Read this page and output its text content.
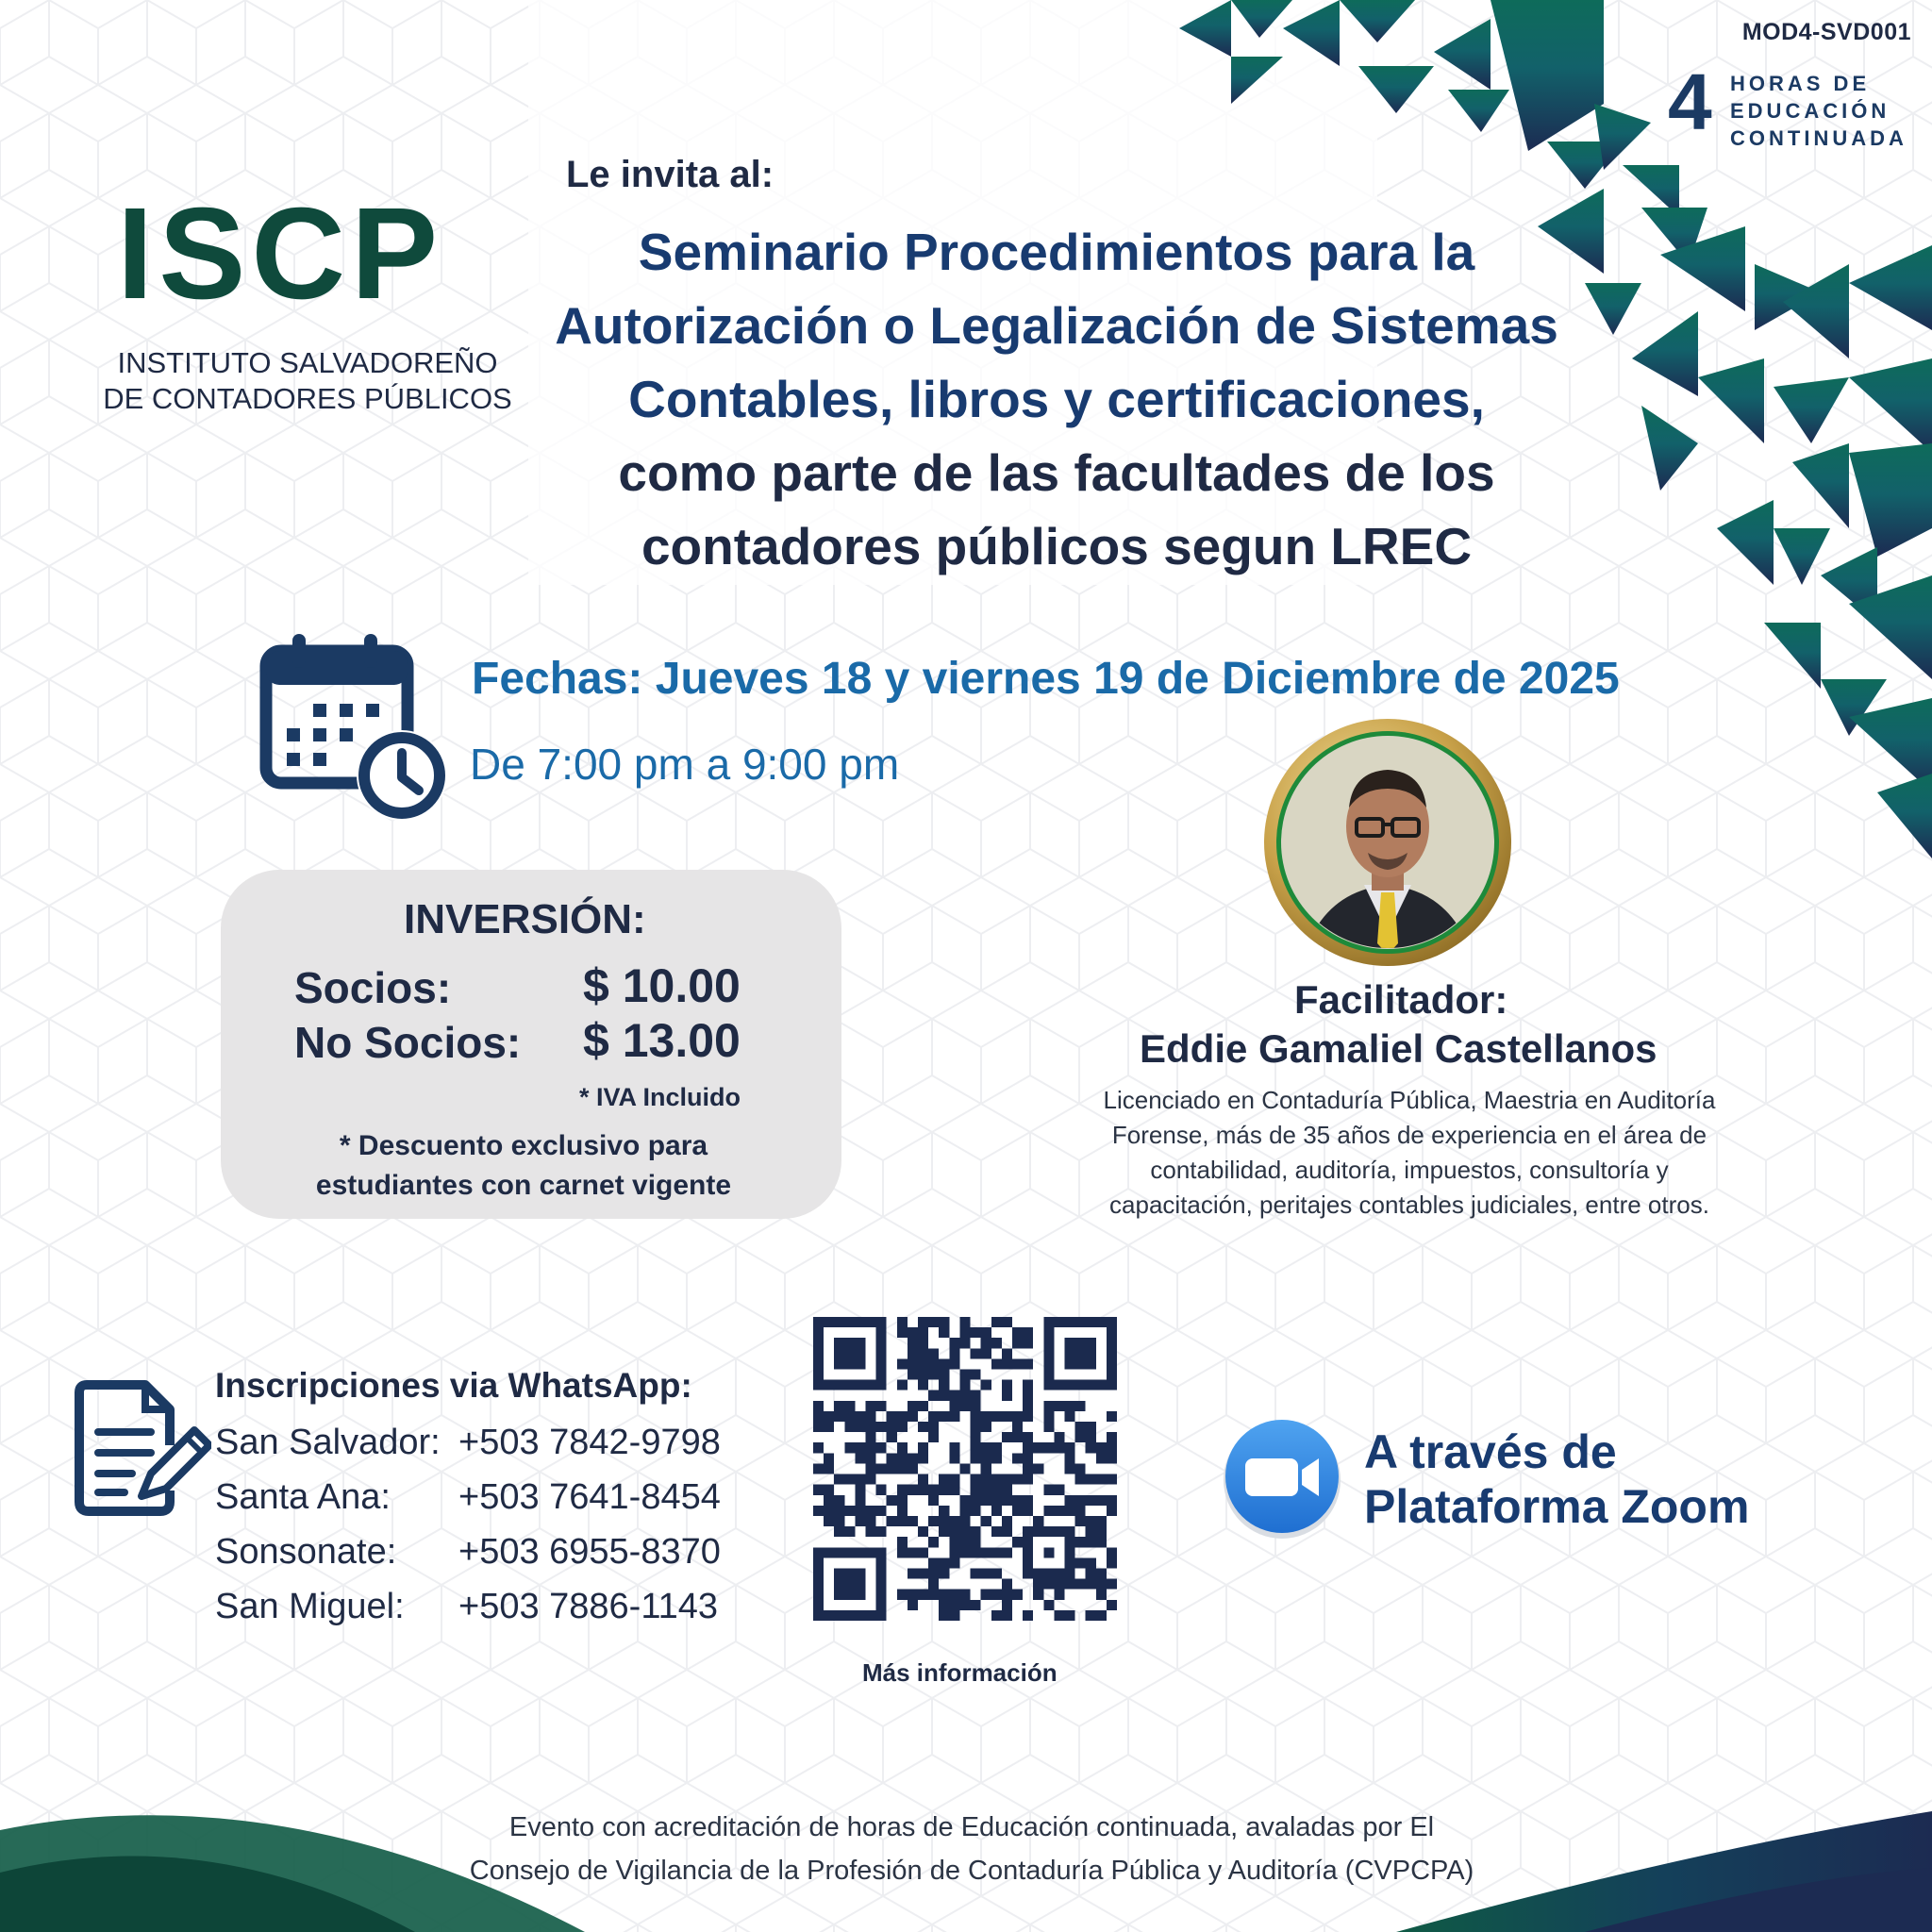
MOD4-SVD001
4 HORAS DE
EDUCACIÓN
CONTINUADA
ISCP
INSTITUTO SALVADOREÑO
DE CONTADORES PÚBLICOS
Le invita al:
Seminario Procedimientos para la
Autorización o Legalización de Sistemas
Contables, libros y certificaciones,
como parte de las facultades de los
contadores públicos segun LREC
Fechas: Jueves 18 y viernes 19 de Diciembre de 2025
De 7:00 pm a 9:00 pm
INVERSIÓN:
Socios:	$ 10.00
No Socios: $ 13.00
* IVA Incluido
* Descuento exclusivo para
estudiantes con carnet vigente
Facilitador:
Eddie Gamaliel Castellanos
Licenciado en Contaduría Pública, Maestria en Auditoría
Forense, más de 35 años de experiencia en el área de
contabilidad, auditoría, impuestos, consultoría y
capacitación, peritajes contables judiciales, entre otros.
Inscripciones via WhatsApp:
San Salvador: +503 7842-9798
Santa Ana: +503 7641-8454
Sonsonate: +503 6955-8370
San Miguel: +503 7886-1143
Más información
A través de
Plataforma Zoom
Evento con acreditación de horas de Educación continuada, avaladas por El
Consejo de Vigilancia de la Profesión de Contaduría Pública y Auditoría (CVPCPA)
